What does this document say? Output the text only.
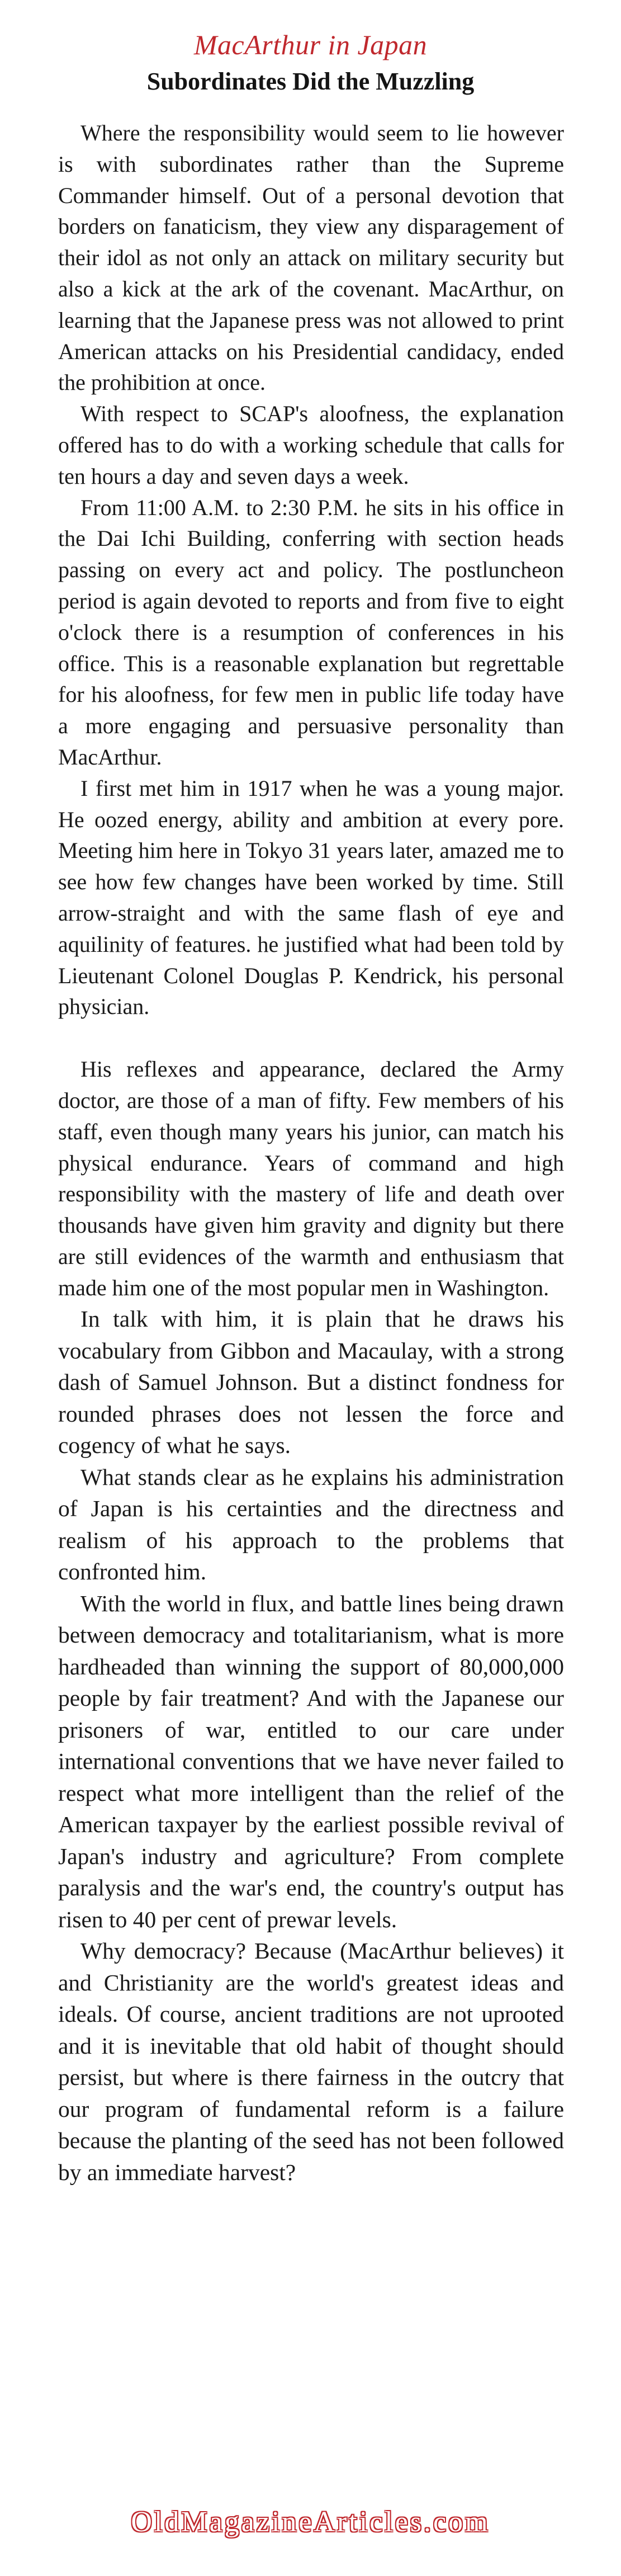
MacArthur in Japan
Subordinates Did the Muzzling

Where the responsibility would seem to lie however is with subordinates rather than the Supreme Commander himself. Out of a personal devotion that borders on fanaticism, they view any disparagement of their idol as not only an attack on military security but also a kick at the ark of the covenant. MacArthur, on learning that the Japanese press was not allowed to print American attacks on his Presidential candidacy, ended the prohibition at once.

With respect to SCAP's aloofness, the explanation offered has to do with a working schedule that calls for ten hours a day and seven days a week.

From 11:00 A.M. to 2:30 P.M. he sits in his office in the Dai Ichi Building, conferring with section heads passing on every act and policy. The postluncheon period is again devoted to reports and from five to eight o'clock there is a resumption of conferences in his office. This is a reasonable explanation but regrettable for his aloofness, for few men in public life today have a more engaging and persuasive personality than MacArthur.

I first met him in 1917 when he was a young major. He oozed energy, ability and ambition at every pore. Meeting him here in Tokyo 31 years later, amazed me to see how few changes have been worked by time. Still arrow-straight and with the same flash of eye and aquilinity of features. he justified what had been told by Lieutenant Colonel Douglas P. Kendrick, his personal physician.

His reflexes and appearance, declared the Army doctor, are those of a man of fifty. Few members of his staff, even though many years his junior, can match his physical endurance. Years of command and high responsibility with the mastery of life and death over thousands have given him gravity and dignity but there are still evidences of the warmth and enthusiasm that made him one of the most popular men in Washington.

In talk with him, it is plain that he draws his vocabulary from Gibbon and Macaulay, with a strong dash of Samuel Johnson. But a distinct fondness for rounded phrases does not lessen the force and cogency of what he says.

What stands clear as he explains his administration of Japan is his certainties and the directness and realism of his approach to the problems that confronted him.

With the world in flux, and battle lines being drawn between democracy and totalitarianism, what is more hardheaded than winning the support of 80,000,000 people by fair treatment? And with the Japanese our prisoners of war, entitled to our care under international conventions that we have never failed to respect what more intelligent than the relief of the American taxpayer by the earliest possible revival of Japan's industry and agriculture? From complete paralysis and the war's end, the country's output has risen to 40 per cent of prewar levels.

Why democracy? Because (MacArthur believes) it and Christianity are the world's greatest ideas and ideals. Of course, ancient traditions are not uprooted and it is inevitable that old habit of thought should persist, but where is there fairness in the outcry that our program of fundamental reform is a failure because the planting of the seed has not been followed by an immediate harvest?

OldMagazineArticles.com
